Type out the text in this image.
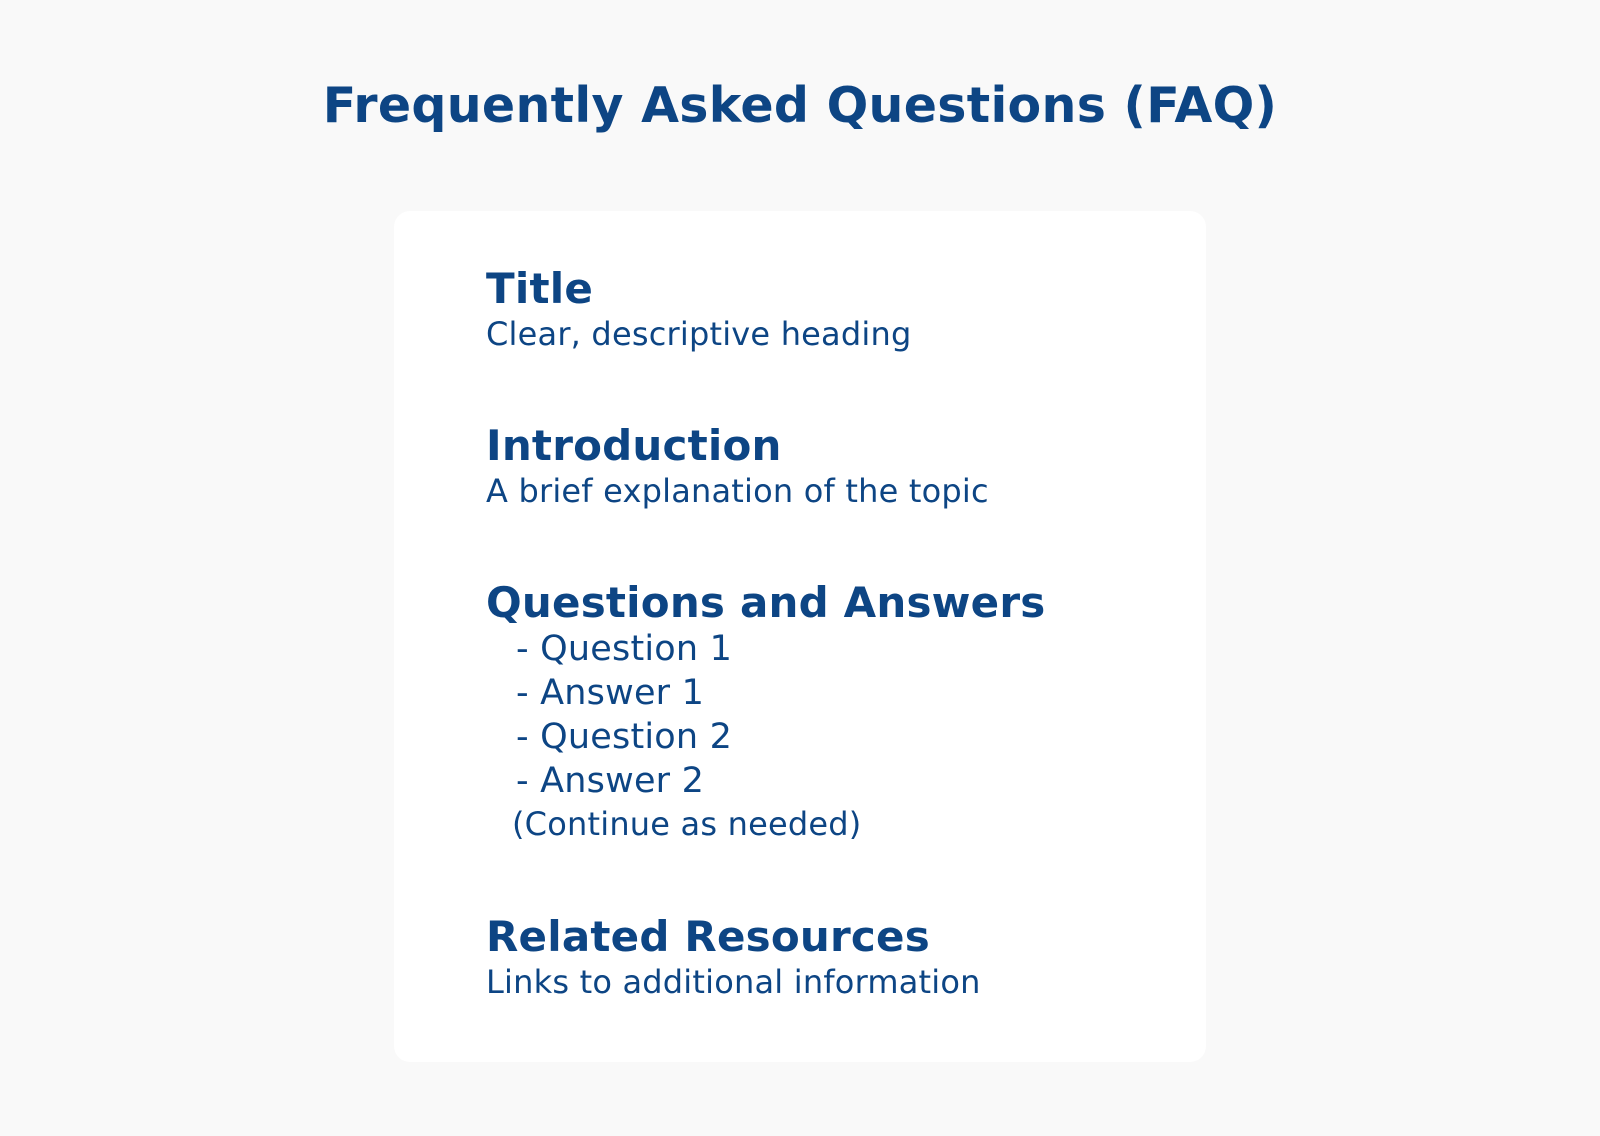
Frequently Asked Questions (FAQ)
Title

Clear, descriptive heading

Introduction

A brief explanation of the topic

Questions and Answers
- Question 1
- Answer 1
- Question 2
- Answer 2

(Continue as needed)

Related Resources

Links to additional information
